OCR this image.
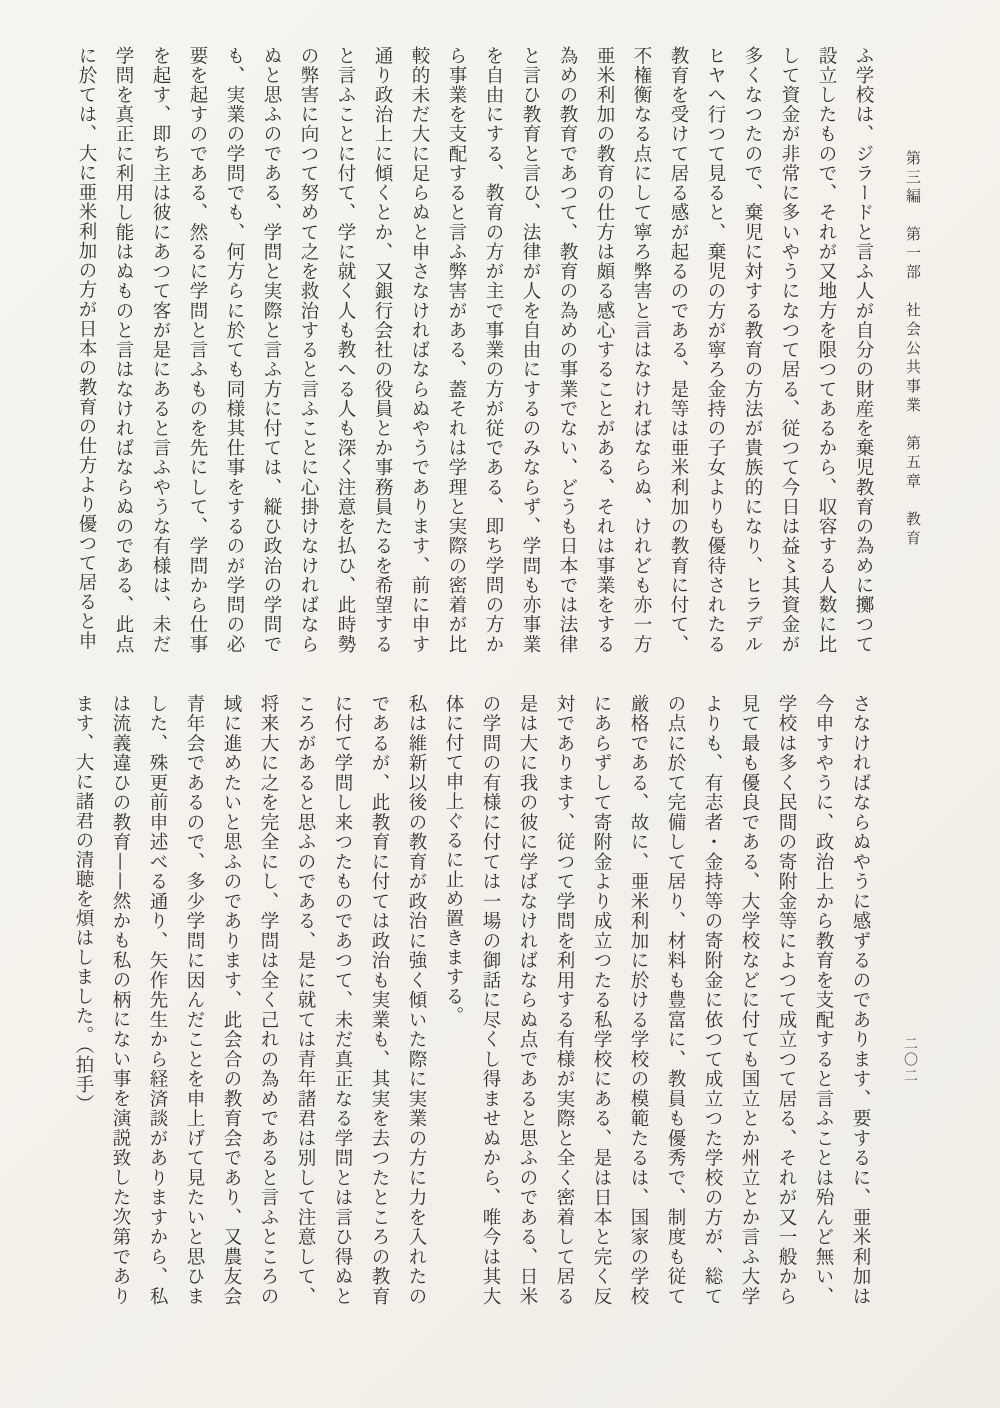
第三編　第一部　社会公共事業　第五章　教育
二〇二

ふ学校は、ジラードと言ふ人が自分の財産を棄児教育の為めに擲つて設立したもので、それが又地方を限つてあるから、収容する人数に比して資金が非常に多いやうになつて居る、従つて今日は益〻其資金が多くなつたので、棄児に対する教育の方法が貴族的になり、ヒラデルヒヤへ行つて見ると、棄児の方が寧ろ金持の子女よりも優待されたる教育を受けて居る感が起るのである、是等は亜米利加の教育に付て、不権衡なる点にして寧ろ弊害と言はなければならぬ、けれども亦一方亜米利加の教育の仕方は頗る感心することがある、それは事業をする為めの教育であつて、教育の為めの事業でない、どうも日本では法律と言ひ教育と言ひ、法律が人を自由にするのみならず、学問も亦事業を自由にする、教育の方が主で事業の方が従である、即ち学問の方から事業を支配すると言ふ弊害がある、蓋それは学理と実際の密着が比較的未だ大に足らぬと申さなければならぬやうであります、前に申す通り政治上に傾くとか、又銀行会社の役員とか事務員たるを希望すると言ふことに付て、学に就く人も教へる人も深く注意を払ひ、此時勢の弊害に向つて努めて之を救治すると言ふことに心掛けなければならぬと思ふのである、学問と実際と言ふ方に付ては、縦ひ政治の学問でも、実業の学問でも、何方らに於ても同様其仕事をするのが学問の必要を起すのである、然るに学問と言ふものを先にして、学問から仕事を起す、即ち主は彼にあつて客が是にあると言ふやうな有様は、未だ学問を真正に利用し能はぬものと言はなければならぬのである、此点に於ては、大に亜米利加の方が日本の教育の仕方より優つて居ると申

さなければならぬやうに感ずるのであります、要するに、亜米利加は今申すやうに、政治上から教育を支配すると言ふことは殆んど無い、学校は多く民間の寄附金等によつて成立つて居る、それが又一般から見て最も優良である、大学校などに付ても国立とか州立とか言ふ大学よりも、有志者・金持等の寄附金に依つて成立つた学校の方が、総ての点に於て完備して居り、材料も豊富に、教員も優秀で、制度も従て厳格である、故に、亜米利加に於ける学校の模範たるは、国家の学校にあらずして寄附金より成立つたる私学校にある、是は日本と完く反対であります、従つて学問を利用する有様が実際と全く密着して居る是は大に我の彼に学ばなければならぬ点であると思ふのである、日米の学問の有様に付ては一場の御話に尽くし得ませぬから、唯今は其大体に付て申上ぐるに止め置きまする。

私は維新以後の教育が政治に強く傾いた際に実業の方に力を入れたのであるが、此教育に付ては政治も実業も、其実を去つたところの教育に付て学問し来つたものであつて、未だ真正なる学問とは言ひ得ぬところがあると思ふのである、是に就ては青年諸君は別して注意して、将来大に之を完全にし、学問は全く己れの為めであると言ふところの域に進めたいと思ふのであります、此会合の教育会であり、又農友会青年会であるので、多少学問に因んだことを申上げて見たいと思ひました、殊更前申述べる通り、矢作先生から経済談がありますから、私は流義違ひの教育——然かも私の柄にない事を演説致した次第であります、大に諸君の清聴を煩はしました。（拍手）
